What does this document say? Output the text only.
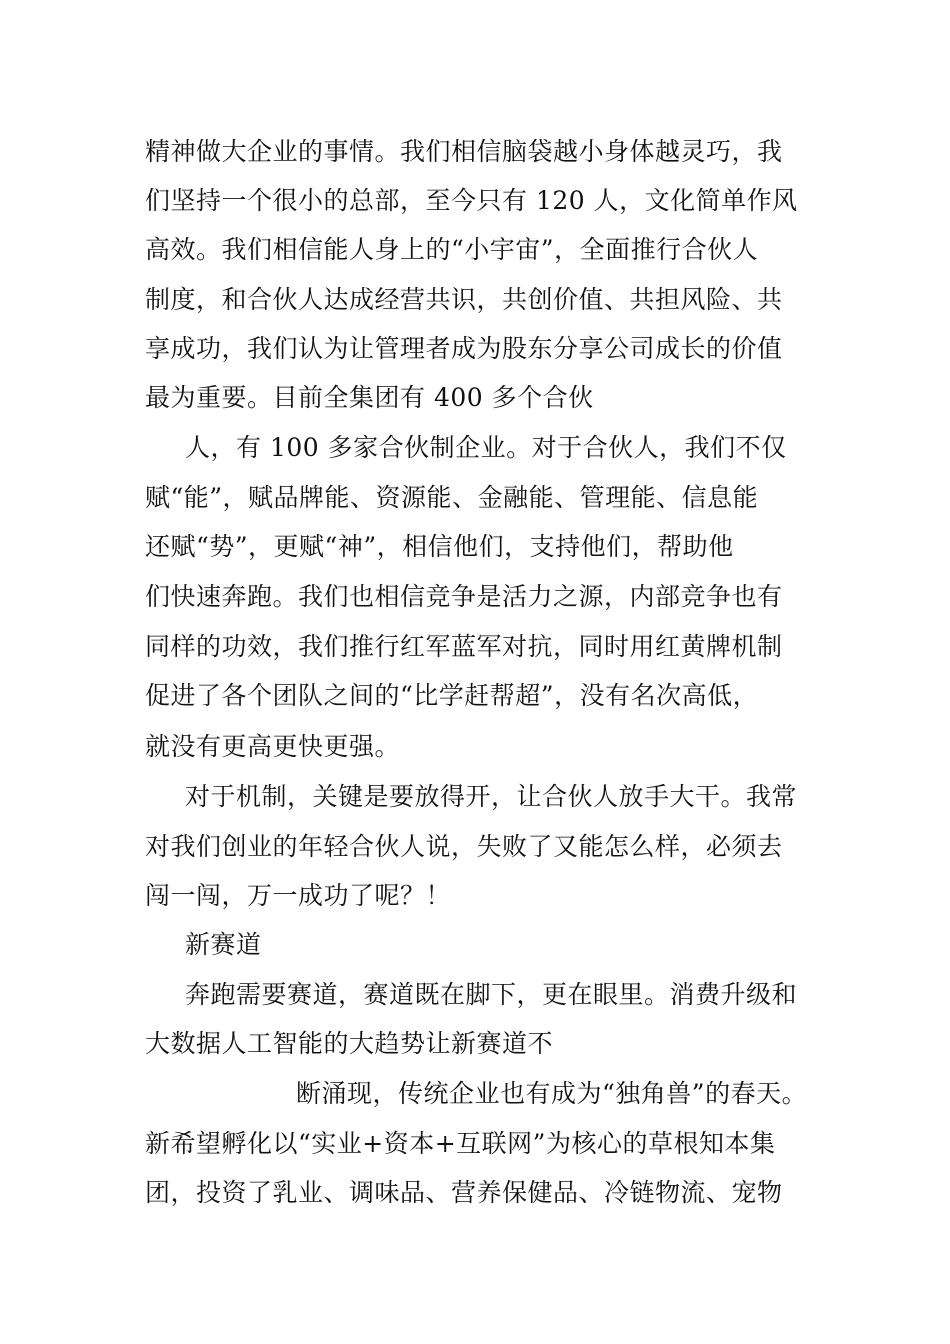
精神做大企业的事情。我们相信脑袋越小身体越灵巧，我
们坚持一个很小的总部，至今只有 120 人，文化简单作风
高效。我们相信能人身上的“小宇宙”，全面推行合伙人
制度，和合伙人达成经营共识，共创价值、共担风险、共
享成功，我们认为让管理者成为股东分享公司成长的价值
最为重要。目前全集团有 400 多个合伙
人，有 100 多家合伙制企业。对于合伙人，我们不仅
赋“能”，赋品牌能、资源能、金融能、管理能、信息能
还赋“势”，更赋“神”，相信他们，支持他们，帮助他
们快速奔跑。我们也相信竞争是活力之源，内部竞争也有
同样的功效，我们推行红军蓝军对抗，同时用红黄牌机制
促进了各个团队之间的“比学赶帮超”，没有名次高低，
就没有更高更快更强。
对于机制，关键是要放得开，让合伙人放手大干。我常
对我们创业的年轻合伙人说，失败了又能怎么样，必须去
闯一闯，万一成功了呢？！
新赛道
奔跑需要赛道，赛道既在脚下，更在眼里。消费升级和
大数据人工智能的大趋势让新赛道不
断涌现，传统企业也有成为“独角兽”的春天。
新希望孵化以“实业+资本+互联网”为核心的草根知本集
团，投资了乳业、调味品、营养保健品、冷链物流、宠物
